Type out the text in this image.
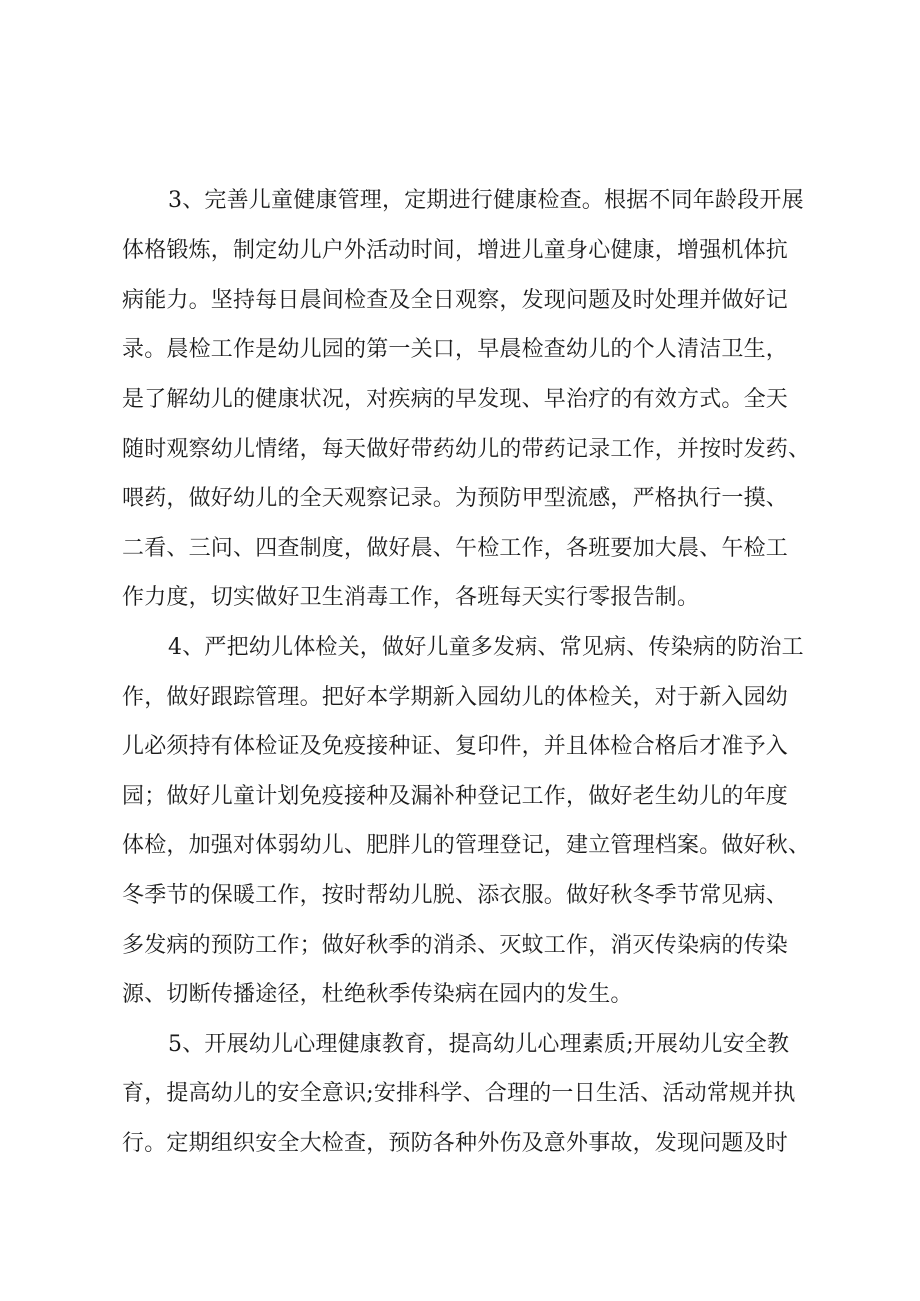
3、完善儿童健康管理，定期进行健康检查。根据不同年龄段开展

体格锻炼，制定幼儿户外活动时间，增进儿童身心健康，增强机体抗

病能力。坚持每日晨间检查及全日观察，发现问题及时处理并做好记

录。晨检工作是幼儿园的第一关口，早晨检查幼儿的个人清洁卫生，

是了解幼儿的健康状况，对疾病的早发现、早治疗的有效方式。全天

随时观察幼儿情绪，每天做好带药幼儿的带药记录工作，并按时发药、

喂药，做好幼儿的全天观察记录。为预防甲型流感，严格执行一摸、

二看、三问、四查制度，做好晨、午检工作，各班要加大晨、午检工

作力度，切实做好卫生消毒工作，各班每天实行零报告制。

4、严把幼儿体检关，做好儿童多发病、常见病、传染病的防治工

作，做好跟踪管理。把好本学期新入园幼儿的体检关，对于新入园幼

儿必须持有体检证及免疫接种证、复印件，并且体检合格后才准予入

园；做好儿童计划免疫接种及漏补种登记工作，做好老生幼儿的年度

体检，加强对体弱幼儿、肥胖儿的管理登记，建立管理档案。做好秋、

冬季节的保暖工作，按时帮幼儿脱、添衣服。做好秋冬季节常见病、

多发病的预防工作；做好秋季的消杀、灭蚊工作，消灭传染病的传染

源、切断传播途径，杜绝秋季传染病在园内的发生。

5、开展幼儿心理健康教育，提高幼儿心理素质;开展幼儿安全教

育，提高幼儿的安全意识;安排科学、合理的一日生活、活动常规并执

行。定期组织安全大检查，预防各种外伤及意外事故，发现问题及时
